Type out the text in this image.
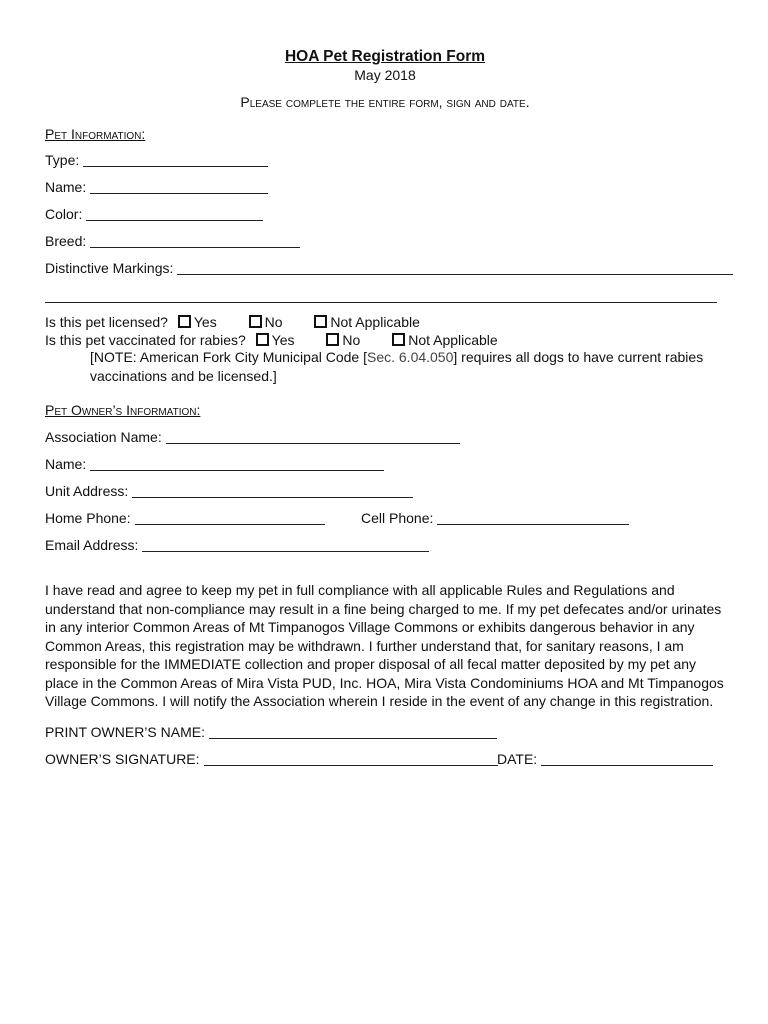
HOA Pet Registration Form
May 2018
Please complete the entire form, sign and date.
Pet Information:
Type:
Name:
Color:
Breed:
Distinctive Markings:
Is this pet licensed? Yes	No	Not Applicable
Is this pet vaccinated for rabies? Yes	No	Not Applicable
[NOTE: American Fork City Municipal Code [Sec. 6.04.050] requires all dogs to have current rabies vaccinations and be licensed.]
Pet Owner’s Information:
Association Name:
Name:
Unit Address:
Home Phone:	Cell Phone:
Email Address:
I have read and agree to keep my pet in full compliance with all applicable Rules and Regulations and understand that non-compliance may result in a fine being charged to me. If my pet defecates and/or urinates in any interior Common Areas of Mt Timpanogos Village Commons or exhibits dangerous behavior in any Common Areas, this registration may be withdrawn. I further understand that, for sanitary reasons, I am responsible for the IMMEDIATE collection and proper disposal of all fecal matter deposited by my pet any place in the Common Areas of Mira Vista PUD, Inc. HOA, Mira Vista Condominiums HOA and Mt Timpanogos Village Commons. I will notify the Association wherein I reside in the event of any change in this registration.
PRINT OWNER’S NAME:
OWNER’S SIGNATURE:	DATE:
